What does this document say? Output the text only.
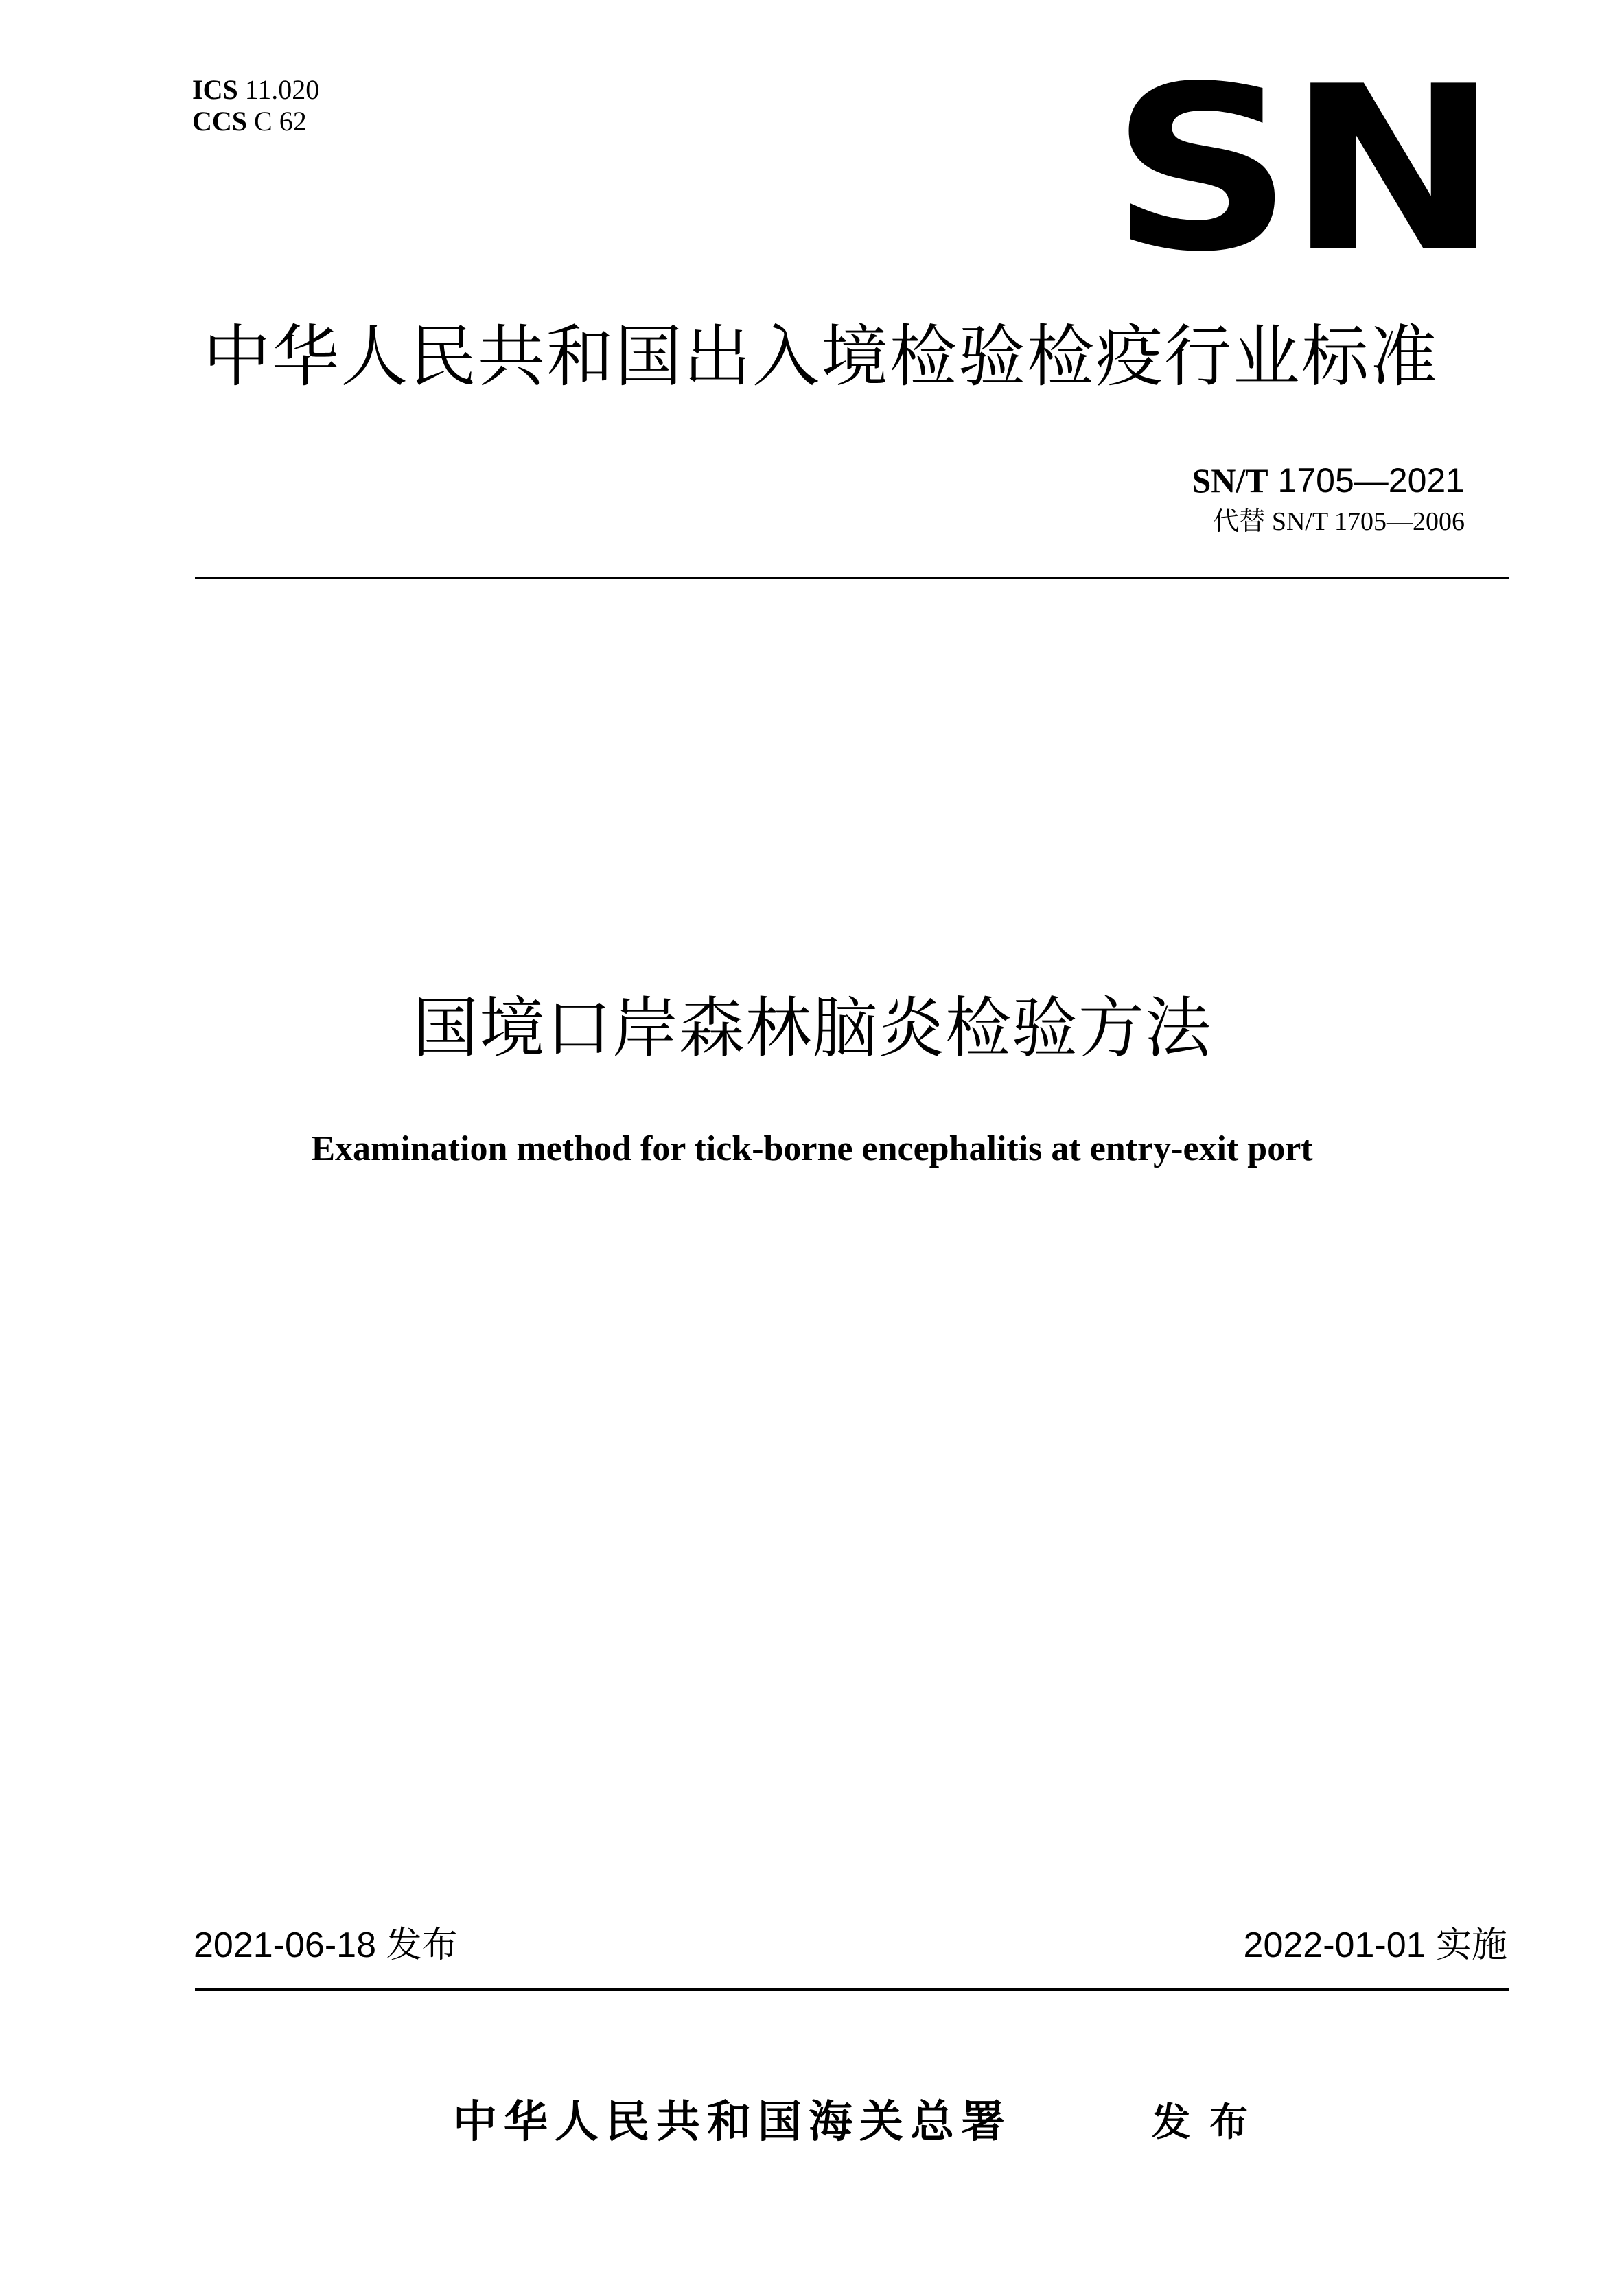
ICS 11.020
CCS C 62	SN
中华人民共和国出入境检验检疫行业标准
SN/T 1705—2021
代替 SN/T 1705—2006
国境口岸森林脑炎检验方法
Examination method for tick-borne encephalitis at entry-exit port
2021-06-18 发布	2022-01-01 实施
中华人民共和国海关总署	发布
